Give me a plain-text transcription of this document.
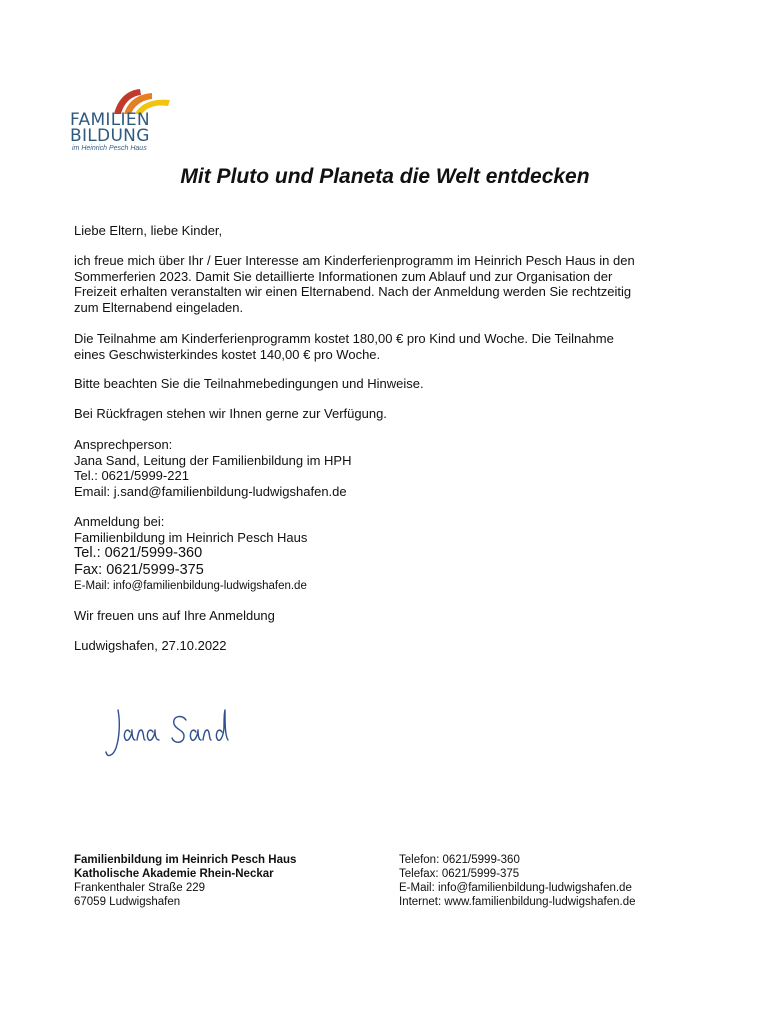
FAMILIEN
BILDUNG
im Heinrich Pesch Haus
Mit Pluto und Planeta die Welt entdecken
Liebe Eltern, liebe Kinder,
ich freue mich über Ihr / Euer Interesse am Kinderferienprogramm im Heinrich Pesch Haus in den
Sommerferien 2023. Damit Sie detaillierte Informationen zum Ablauf und zur Organisation der
Freizeit erhalten veranstalten wir einen Elternabend. Nach der Anmeldung werden Sie rechtzeitig
zum Elternabend eingeladen.
Die Teilnahme am Kinderferienprogramm kostet 180,00 € pro Kind und Woche. Die Teilnahme
eines Geschwisterkindes kostet 140,00 € pro Woche.
Bitte beachten Sie die Teilnahmebedingungen und Hinweise.
Bei Rückfragen stehen wir Ihnen gerne zur Verfügung.
Ansprechperson:
Jana Sand, Leitung der Familienbildung im HPH
Tel.: 0621/5999-221
Email: j.sand@familienbildung-ludwigshafen.de
Anmeldung bei:
Familienbildung im Heinrich Pesch Haus
Tel.: 0621/5999-360
Fax: 0621/5999-375
E-Mail: info@familienbildung-ludwigshafen.de
Wir freuen uns auf Ihre Anmeldung
Ludwigshafen, 27.10.2022
Familienbildung im Heinrich Pesch Haus
Katholische Akademie Rhein-Neckar
Frankenthaler Straße 229
67059 Ludwigshafen
Telefon: 0621/5999-360
Telefax: 0621/5999-375
E-Mail: info@familienbildung-ludwigshafen.de
Internet: www.familienbildung-ludwigshafen.de
